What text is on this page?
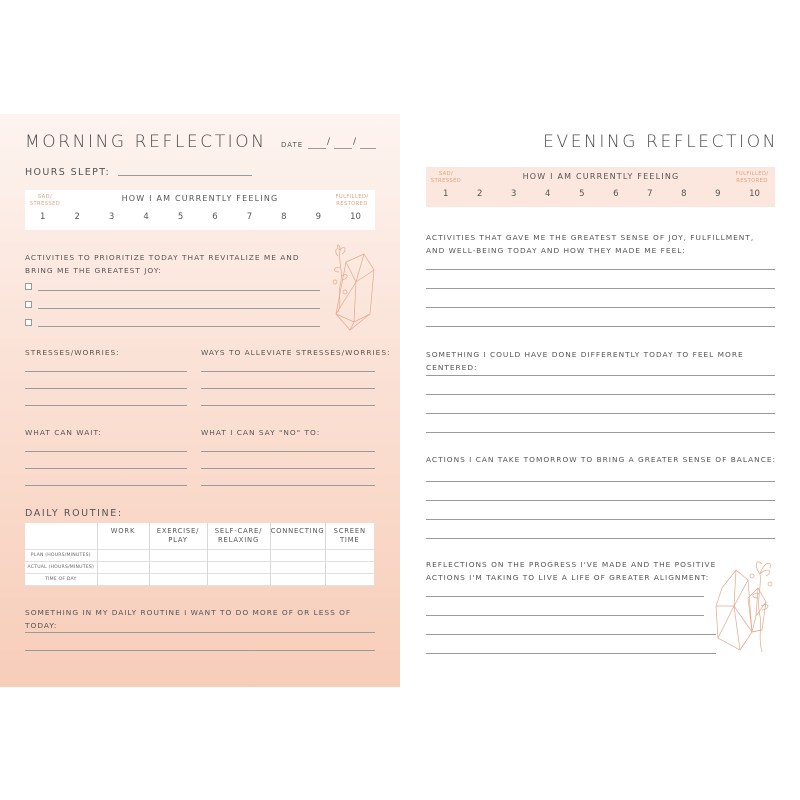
MORNING REFLECTION DATE	/	/
HOURS SLEPT:
SAD/ STRESSED
FULFILLED/ RESTORED
HOW I AM CURRENTLY FEELING
1	2	3	4	5	6	7	8	9	10
ACTIVITIES TO PRIORITIZE TODAY THAT REVITALIZE ME AND BRING ME THE GREATEST JOY:
STRESSES/WORRIES:	WAYS TO ALLEVIATE STRESSES/WORRIES:
WHAT CAN WAIT:	WHAT I CAN SAY "NO" TO:
DAILY ROUTINE:
	WORK	EXERCISE/ PLAY	SELF-CARE/ RELAXING	CONNECTING	SCREEN TIME
PLAN (HOURS/MINUTES)					
ACTUAL (HOURS/MINUTES)					
TIME OF DAY					
SOMETHING IN MY DAILY ROUTINE I WANT TO DO MORE OF OR LESS OF TODAY:
EVENING REFLECTION
SAD/ STRESSED
FULFILLED/ RESTORED
HOW I AM CURRENTLY FEELING
1	2	3	4	5	6	7	8	9	10
ACTIVITIES THAT GAVE ME THE GREATEST SENSE OF JOY, FULFILLMENT, AND WELL-BEING TODAY AND HOW THEY MADE ME FEEL:
SOMETHING I COULD HAVE DONE DIFFERENTLY TODAY TO FEEL MORE CENTERED:
ACTIONS I CAN TAKE TOMORROW TO BRING A GREATER SENSE OF BALANCE:
REFLECTIONS ON THE PROGRESS I'VE MADE AND THE POSITIVE ACTIONS I'M TAKING TO LIVE A LIFE OF GREATER ALIGNMENT:
